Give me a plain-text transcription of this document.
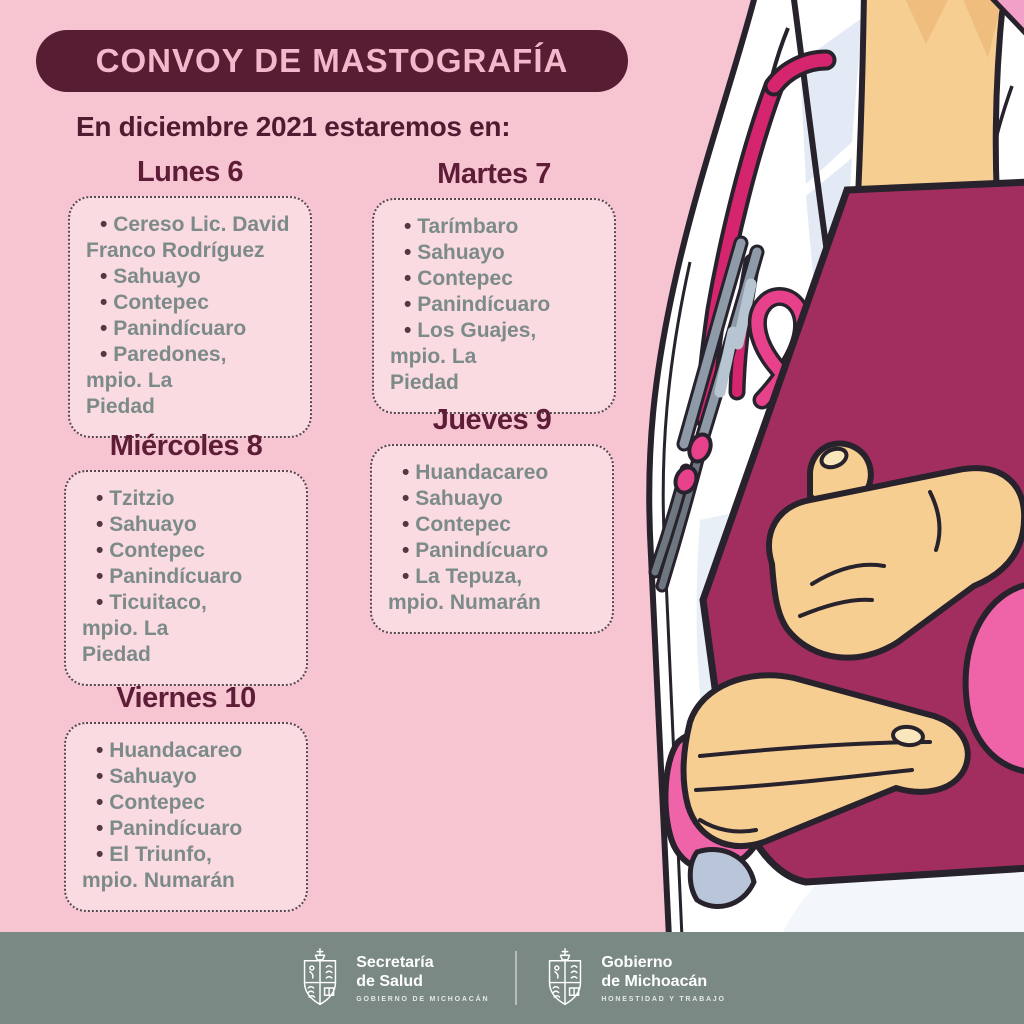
CONVOY DE MASTOGRAFÍA
En diciembre 2021 estaremos en:
Lunes 6
• Cereso Lic. David Franco Rodríguez
• Sahuayo
• Contepec
• Panindícuaro
• Paredones, mpio. La Piedad
Martes 7
• Tarímbaro
• Sahuayo
• Contepec
• Panindícuaro
• Los Guajes, mpio. La Piedad
Miércoles 8
• Tzitzio
• Sahuayo
• Contepec
• Panindícuaro
• Ticuitaco, mpio. La Piedad
Jueves 9
• Huandacareo
• Sahuayo
• Contepec
• Panindícuaro
• La Tepuza, mpio. Numarán
Viernes 10
• Huandacareo
• Sahuayo
• Contepec
• Panindícuaro
• El Triunfo, mpio. Numarán
Secretaría
de Salud
GOBIERNO DE MICHOACÁN
Gobierno
de Michoacán
HONESTIDAD Y TRABAJO
